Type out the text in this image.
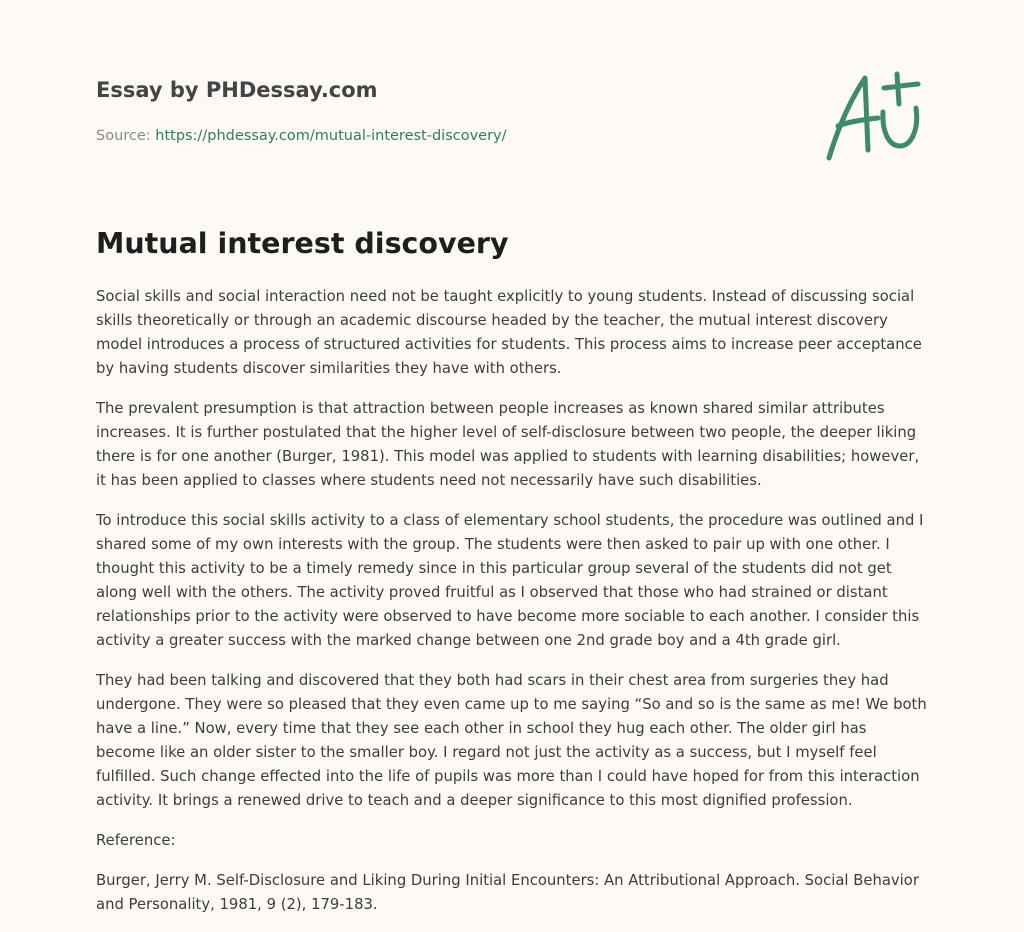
Essay by PHDessay.com
Source: https://phdessay.com/mutual-interest-discovery/
Mutual interest discovery

Social skills and social interaction need not be taught explicitly to young students. Instead of discussing social skills theoretically or through an academic discourse headed by the teacher, the mutual interest discovery model introduces a process of structured activities for students. This process aims to increase peer acceptance by having students discover similarities they have with others.

The prevalent presumption is that attraction between people increases as known shared similar attributes increases. It is further postulated that the higher level of self-disclosure between two people, the deeper liking there is for one another (Burger, 1981). This model was applied to students with learning disabilities; however, it has been applied to classes where students need not necessarily have such disabilities.

To introduce this social skills activity to a class of elementary school students, the procedure was outlined and I shared some of my own interests with the group. The students were then asked to pair up with one other. I thought this activity to be a timely remedy since in this particular group several of the students did not get along well with the others. The activity proved fruitful as I observed that those who had strained or distant relationships prior to the activity were observed to have become more sociable to each another. I consider this activity a greater success with the marked change between one 2nd grade boy and a 4th grade girl.

They had been talking and discovered that they both had scars in their chest area from surgeries they had undergone. They were so pleased that they even came up to me saying “So and so is the same as me! We both have a line.” Now, every time that they see each other in school they hug each other. The older girl has become like an older sister to the smaller boy. I regard not just the activity as a success, but I myself feel fulfilled. Such change effected into the life of pupils was more than I could have hoped for from this interaction activity. It brings a renewed drive to teach and a deeper significance to this most dignified profession.

Reference:

Burger, Jerry M. Self-Disclosure and Liking During Initial Encounters: An Attributional Approach. Social Behavior and Personality, 1981, 9 (2), 179-183.
